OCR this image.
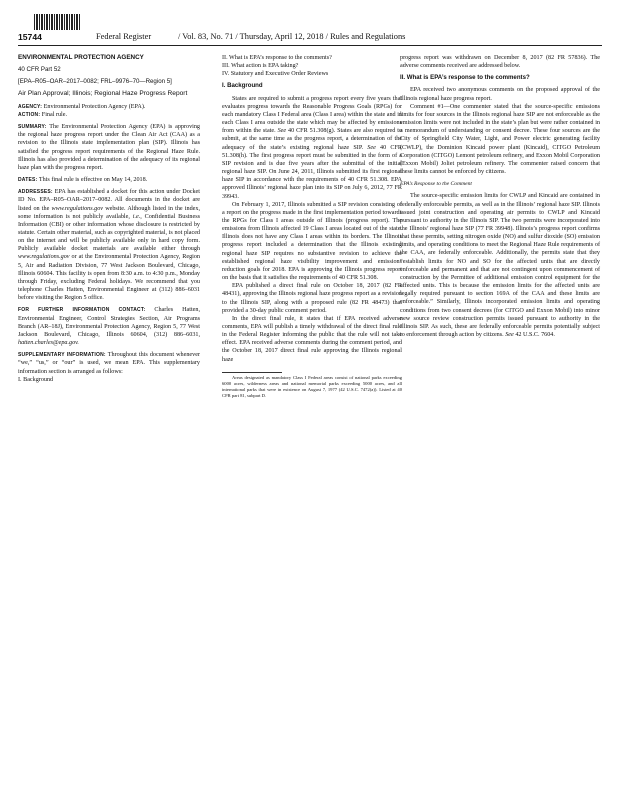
15744	Federal Register	/ Vol. 83, No. 71 / Thursday, April 12, 2018 / Rules and Regulations

ENVIRONMENTAL PROTECTION AGENCY

40 CFR Part 52

[EPA–R05–OAR–2017–0082; FRL–9976–70—Region 5]

Air Plan Approval; Illinois; Regional Haze Progress Report

AGENCY: Environmental Protection Agency (EPA).

ACTION: Final rule.

SUMMARY: The Environmental Protection Agency (EPA) is approving the regional haze progress report under the Clean Air Act (CAA) as a revision to the Illinois state implementation plan (SIP). Illinois has satisfied the progress report requirements of the Regional Haze Rule. Illinois has also provided a determination of the adequacy of its regional haze plan with the progress report.

DATES: This final rule is effective on May 14, 2018.

ADDRESSES: EPA has established a docket for this action under Docket ID No. EPA–R05–OAR–2017–0082. All documents in the docket are listed on the www.regulations.gov website. Although listed in the index, some information is not publicly available, i.e., Confidential Business Information (CBI) or other information whose disclosure is restricted by statute. Certain other material, such as copyrighted material, is not placed on the internet and will be publicly available only in hard copy form. Publicly available docket materials are available either through www.regulations.gov or at the Environmental Protection Agency, Region 5, Air and Radiation Division, 77 West Jackson Boulevard, Chicago, Illinois 60604. This facility is open from 8:30 a.m. to 4:30 p.m., Monday through Friday, excluding Federal holidays. We recommend that you telephone Charles Hatten, Environmental Engineer at (312) 886–6031 before visiting the Region 5 office.

FOR FURTHER INFORMATION CONTACT: Charles Hatten, Environmental Engineer, Control Strategies Section, Air Programs Branch (AR–18J), Environmental Protection Agency, Region 5, 77 West Jackson Boulevard, Chicago, Illinois 60604, (312) 886–6031, hatten.charles@epa.gov.

SUPPLEMENTARY INFORMATION: Throughout this document whenever “we,” “us,” or “our” is used, we mean EPA. This supplementary information section is arranged as follows:

I. Background

II. What is EPA’s response to the comments?

III. What action is EPA taking?

IV. Statutory and Executive Order Reviews

I. Background

States are required to submit a progress report every five years that evaluates progress towards the Reasonable Progress Goals (RPGs) for each mandatory Class I Federal area (Class I area) within the state and in each Class I area outside the state which may be affected by emissions from within the state. See 40 CFR 51.308(g). States are also required to submit, at the same time as the progress report, a determination of the adequacy of the state’s existing regional haze SIP. See 40 CFR 51.308(h). The first progress report must be submitted in the form of a SIP revision and is due five years after the submittal of the initial regional haze SIP. On June 24, 2011, Illinois submitted its first regional haze SIP in accordance with the requirements of 40 CFR 51.308. EPA approved Illinois’ regional haze plan into its SIP on July 6, 2012, 77 FR 39943.

On February 1, 2017, Illinois submitted a SIP revision consisting of a report on the progress made in the first implementation period towards the RPGs for Class I areas outside of Illinois (progress report). The emissions from Illinois affected 19 Class I areas located out of the state. Illinois does not have any Class I areas within its borders. The Illinois progress report included a determination that the Illinois existing regional haze SIP requires no substantive revision to achieve the established regional haze visibility improvement and emissions reduction goals for 2018. EPA is approving the Illinois progress report on the basis that it satisfies the requirements of 40 CFR 51.308.

EPA published a direct final rule on October 18, 2017 (82 FR 48431), approving the Illinois regional haze progress report as a revision to the Illinois SIP, along with a proposed rule (82 FR 48473) that provided a 30-day public comment period.

In the direct final rule, it states that if EPA received adverse comments, EPA will publish a timely withdrawal of the direct final rule in the Federal Register informing the public that the rule will not take effect. EPA received adverse comments during the comment period, and the October 18, 2017 direct final rule approving the Illinois regional haze

Areas designated as mandatory Class I Federal areas consist of national parks exceeding 6000 acres, wilderness areas and national memorial parks exceeding 5000 acres, and all international parks that were in existence on August 7, 1977 (42 U.S.C. 7472(a)). Listed at 40 CFR part 81, subpart D.

progress report was withdrawn on December 8, 2017 (82 FR 57836). The adverse comments received are addressed below.

II. What is EPA’s response to the comments?

EPA received two anonymous comments on the proposed approval of the Illinois regional haze progress report.

Comment #1—One commenter stated that the source-specific emissions limits for four sources in the Illinois regional haze SIP are not enforceable as the emission limits were not included in the state’s plan but were rather contained in a memorandum of understanding or consent decree. These four sources are the City of Springfield City Water, Light, and Power electric generating facility (CWLP), the Dominion Kincaid power plant (Kincaid), CITGO Petroleum Corporation (CITGO) Lemont petroleum refinery, and Exxon Mobil Corporation (Exxon Mobil) Joliet petroleum refinery. The commenter raised concern that these limits cannot be enforced by citizens.

EPA’s Response to the Comment

The source-specific emission limits for CWLP and Kincaid are contained in federally enforceable permits, as well as in the Illinois’ regional haze SIP. Illinois issued joint construction and operating air permits to CWLP and Kincaid pursuant to authority in the Illinois SIP. The two permits were incorporated into the Illinois’ regional haze SIP (77 FR 39948). Illinois’s progress report confirms that these permits, setting nitrogen oxide (NO) and sulfur dioxide (SO) emission limits, and operating conditions to meet the Regional Haze Rule requirements of the CAA, are federally enforceable. Additionally, the permits state that they “establish limits for NO and SO for the affected units that are directly enforceable and permanent and that are not contingent upon commencement of construction by the Permittee of additional emission control equipment for the affected units. This is because the emission limits for the affected units are legally required pursuant to section 169A of the CAA and these limits are enforceable.” Similarly, Illinois incorporated emission limits and operating conditions from two consent decrees (for CITGO and Exxon Mobil) into minor new source review construction permits issued pursuant to authority in the Illinois SIP. As such, these are federally enforceable permits potentially subject to enforcement through action by citizens. See 42 U.S.C. 7604.
